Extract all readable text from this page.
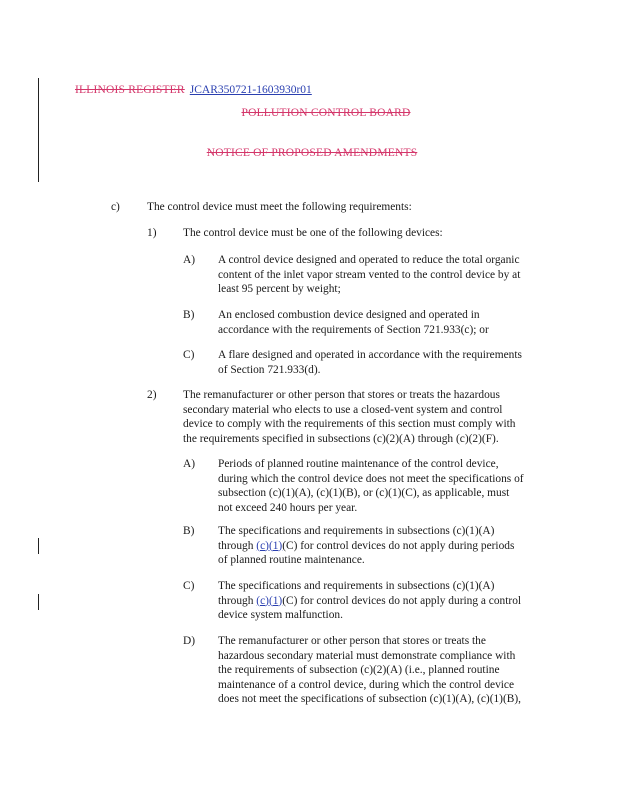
ILLINOIS REGISTER JCAR350721-1603930r01
POLLUTION CONTROL BOARD
NOTICE OF PROPOSED AMENDMENTS
c) The control device must meet the following requirements:
1) The control device must be one of the following devices:
A) A control device designed and operated to reduce the total organic
content of the inlet vapor stream vented to the control device by at
least 95 percent by weight;
B) An enclosed combustion device designed and operated in
accordance with the requirements of Section 721.933(c); or
C) A flare designed and operated in accordance with the requirements
of Section 721.933(d).
2) The remanufacturer or other person that stores or treats the hazardous
secondary material who elects to use a closed-vent system and control
device to comply with the requirements of this section must comply with
the requirements specified in subsections (c)(2)(A) through (c)(2)(F).
A) Periods of planned routine maintenance of the control device,
during which the control device does not meet the specifications of
subsection (c)(1)(A), (c)(1)(B), or (c)(1)(C), as applicable, must
not exceed 240 hours per year.
B) The specifications and requirements in subsections (c)(1)(A)
through (c)(1)(C) for control devices do not apply during periods
of planned routine maintenance.
C) The specifications and requirements in subsections (c)(1)(A)
through (c)(1)(C) for control devices do not apply during a control
device system malfunction.
D) The remanufacturer or other person that stores or treats the
hazardous secondary material must demonstrate compliance with
the requirements of subsection (c)(2)(A) (i.e., planned routine
maintenance of a control device, during which the control device
does not meet the specifications of subsection (c)(1)(A), (c)(1)(B),
